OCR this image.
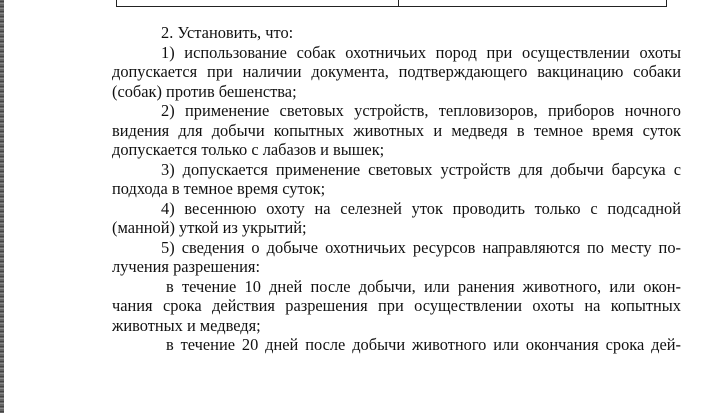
2. Установить, что:
1) использование собак охотничьих пород при осуществлении охоты
допускается при наличии документа, подтверждающего вакцинацию собаки
(собак) против бешенства;
2) применение световых устройств, тепловизоров, приборов ночного
видения для добычи копытных животных и медведя в темное время суток
допускается только с лабазов и вышек;
3) допускается применение световых устройств для добычи барсука с
подхода в темное время суток;
4) весеннюю охоту на селезней уток проводить только с подсадной
(манной) уткой из укрытий;
5) сведения о добыче охотничьих ресурсов направляются по месту по-
лучения разрешения:
в течение 10 дней после добычи, или ранения животного, или окон-
чания срока действия разрешения при осуществлении охоты на копытных
животных и медведя;
в течение 20 дней после добычи животного или окончания срока дей-
